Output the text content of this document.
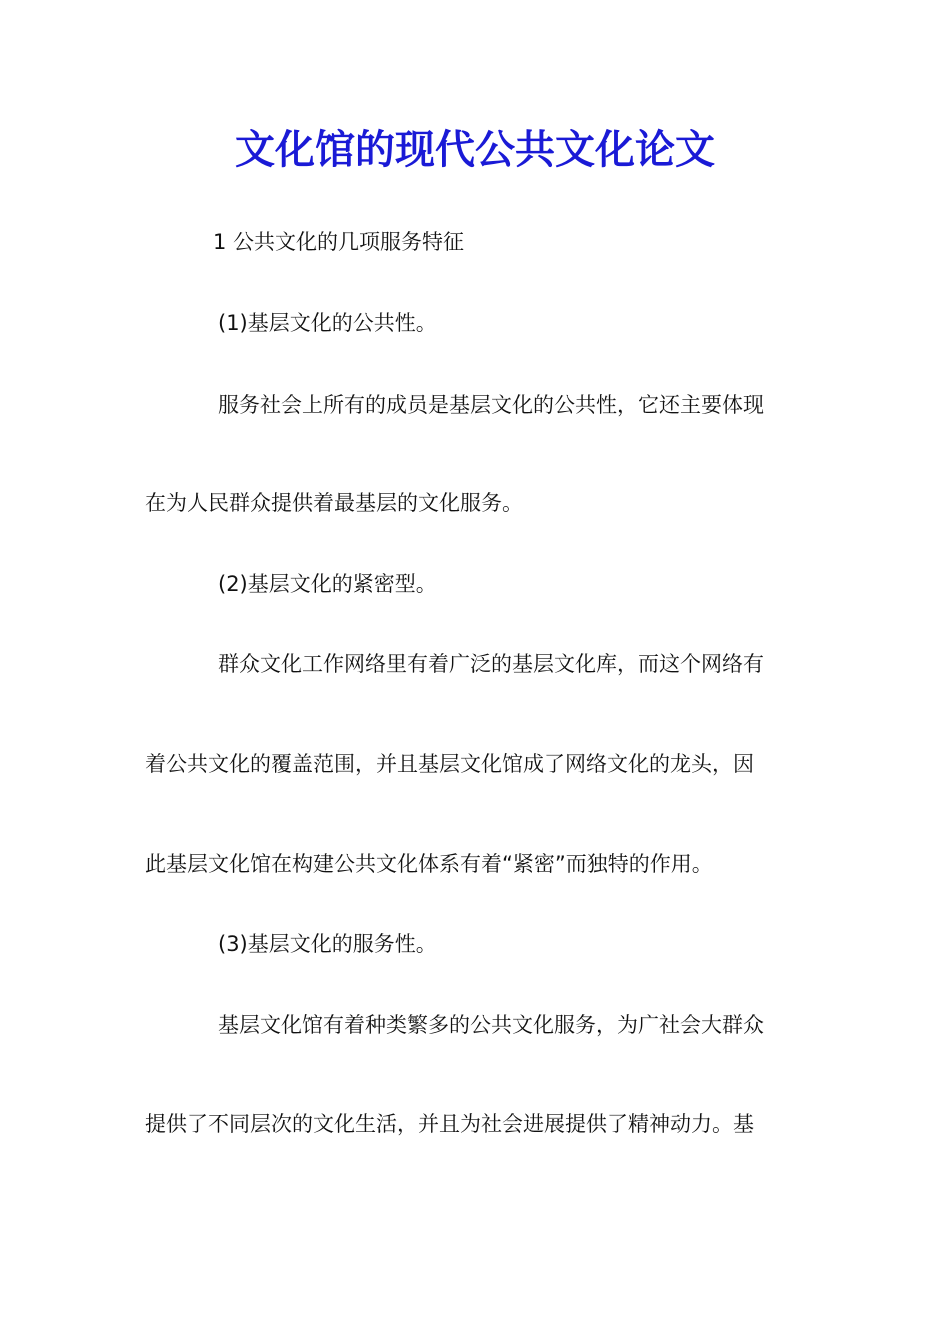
文化馆的现代公共文化论文
1 公共文化的几项服务特征
(1)基层文化的公共性。
服务社会上所有的成员是基层文化的公共性，它还主要体现
在为人民群众提供着最基层的文化服务。
(2)基层文化的紧密型。
群众文化工作网络里有着广泛的基层文化库，而这个网络有
着公共文化的覆盖范围，并且基层文化馆成了网络文化的龙头，因
此基层文化馆在构建公共文化体系有着“紧密”而独特的作用。
(3)基层文化的服务性。
基层文化馆有着种类繁多的公共文化服务，为广社会大群众
提供了不同层次的文化生活，并且为社会进展提供了精神动力。基
